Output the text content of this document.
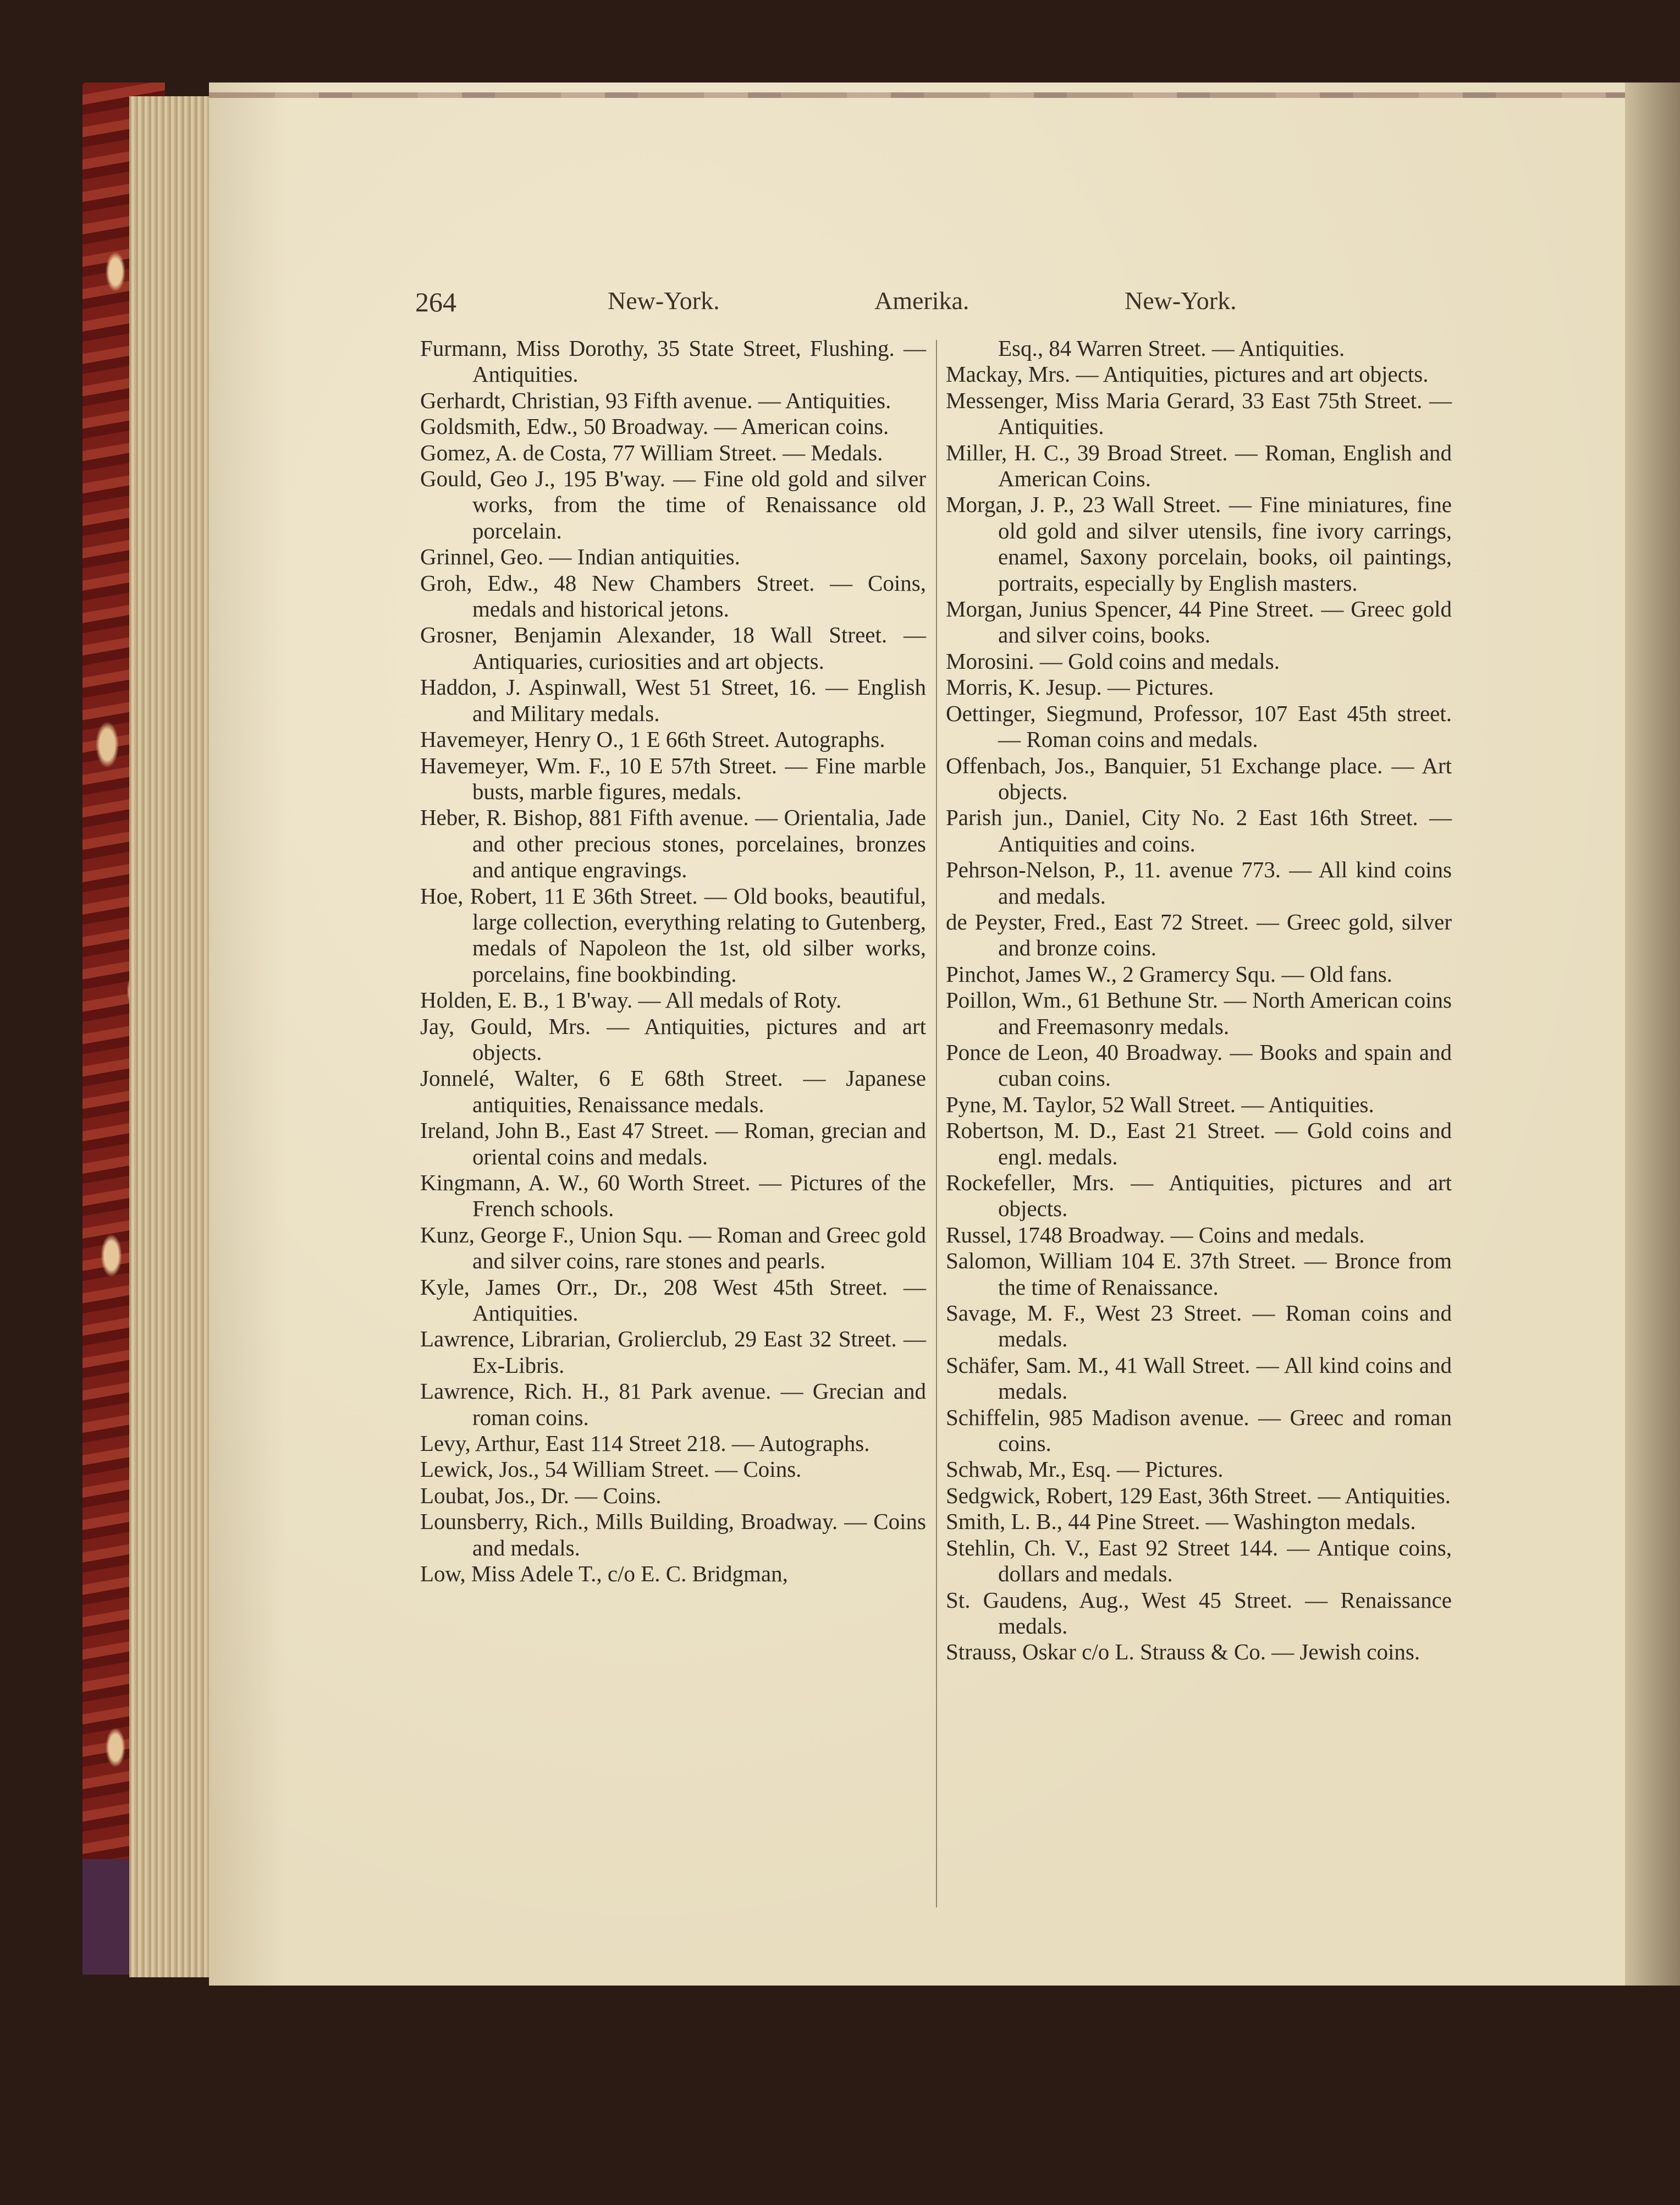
264	New-York.	Amerika.	New-York.
Furmann, Miss Dorothy, 35 State Street, Flushing. — Antiquities.
Gerhardt, Christian, 93 Fifth avenue. — Antiquities.
Goldsmith, Edw., 50 Broadway. — American coins.
Gomez, A. de Costa, 77 William Street. — Medals.
Gould, Geo J., 195 B'way. — Fine old gold and silver works, from the time of Renaissance old porcelain.
Grinnel, Geo. — Indian antiquities.
Groh, Edw., 48 New Chambers Street. — Coins, medals and historical jetons.
Grosner, Benjamin Alexander, 18 Wall Street. — Antiquaries, curiosities and art objects.
Haddon, J. Aspinwall, West 51 Street, 16. — English and Military medals.
Havemeyer, Henry O., 1 E 66th Street. Autographs.
Havemeyer, Wm. F., 10 E 57th Street. — Fine marble busts, marble figures, medals.
Heber, R. Bishop, 881 Fifth avenue. — Orientalia, Jade and other precious stones, porcelaines, bronzes and antique engravings.
Hoe, Robert, 11 E 36th Street. — Old books, beautiful, large collection, everything relating to Gutenberg, medals of Napoleon the 1st, old silber works, porcelains, fine bookbinding.
Holden, E. B., 1 B'way. — All medals of Roty.
Jay, Gould, Mrs. — Antiquities, pictures and art objects.
Jonnelé, Walter, 6 E 68th Street. — Japanese antiquities, Renaissance medals.
Ireland, John B., East 47 Street. — Roman, grecian and oriental coins and medals.
Kingmann, A. W., 60 Worth Street. — Pictures of the French schools.
Kunz, George F., Union Squ. — Roman and Greec gold and silver coins, rare stones and pearls.
Kyle, James Orr., Dr., 208 West 45th Street. — Antiquities.
Lawrence, Librarian, Grolierclub, 29 East 32 Street. — Ex-Libris.
Lawrence, Rich. H., 81 Park avenue. — Grecian and roman coins.
Levy, Arthur, East 114 Street 218. — Autographs.
Lewick, Jos., 54 William Street. — Coins.
Loubat, Jos., Dr. — Coins.
Lounsberry, Rich., Mills Building, Broadway. — Coins and medals.
Low, Miss Adele T., c/o E. C. Bridgman,
Esq., 84 Warren Street. — Antiquities.
Mackay, Mrs. — Antiquities, pictures and art objects.
Messenger, Miss Maria Gerard, 33 East 75th Street. — Antiquities.
Miller, H. C., 39 Broad Street. — Roman, English and American Coins.
Morgan, J. P., 23 Wall Street. — Fine miniatures, fine old gold and silver utensils, fine ivory carrings, enamel, Saxony porcelain, books, oil paintings, portraits, especially by English masters.
Morgan, Junius Spencer, 44 Pine Street. — Greec gold and silver coins, books.
Morosini. — Gold coins and medals.
Morris, K. Jesup. — Pictures.
Oettinger, Siegmund, Professor, 107 East 45th street. — Roman coins and medals.
Offenbach, Jos., Banquier, 51 Exchange place. — Art objects.
Parish jun., Daniel, City No. 2 East 16th Street. — Antiquities and coins.
Pehrson-Nelson, P., 11. avenue 773. — All kind coins and medals.
de Peyster, Fred., East 72 Street. — Greec gold, silver and bronze coins.
Pinchot, James W., 2 Gramercy Squ. — Old fans.
Poillon, Wm., 61 Bethune Str. — North American coins and Freemasonry medals.
Ponce de Leon, 40 Broadway. — Books and spain and cuban coins.
Pyne, M. Taylor, 52 Wall Street. — Antiquities.
Robertson, M. D., East 21 Street. — Gold coins and engl. medals.
Rockefeller, Mrs. — Antiquities, pictures and art objects.
Russel, 1748 Broadway. — Coins and medals.
Salomon, William 104 E. 37th Street. — Bronce from the time of Renaissance.
Savage, M. F., West 23 Street. — Roman coins and medals.
Schäfer, Sam. M., 41 Wall Street. — All kind coins and medals.
Schiffelin, 985 Madison avenue. — Greec and roman coins.
Schwab, Mr., Esq. — Pictures.
Sedgwick, Robert, 129 East, 36th Street. — Antiquities.
Smith, L. B., 44 Pine Street. — Washington medals.
Stehlin, Ch. V., East 92 Street 144. — Antique coins, dollars and medals.
St. Gaudens, Aug., West 45 Street. — Renaissance medals.
Strauss, Oskar c/o L. Strauss & Co. — Jewish coins.
